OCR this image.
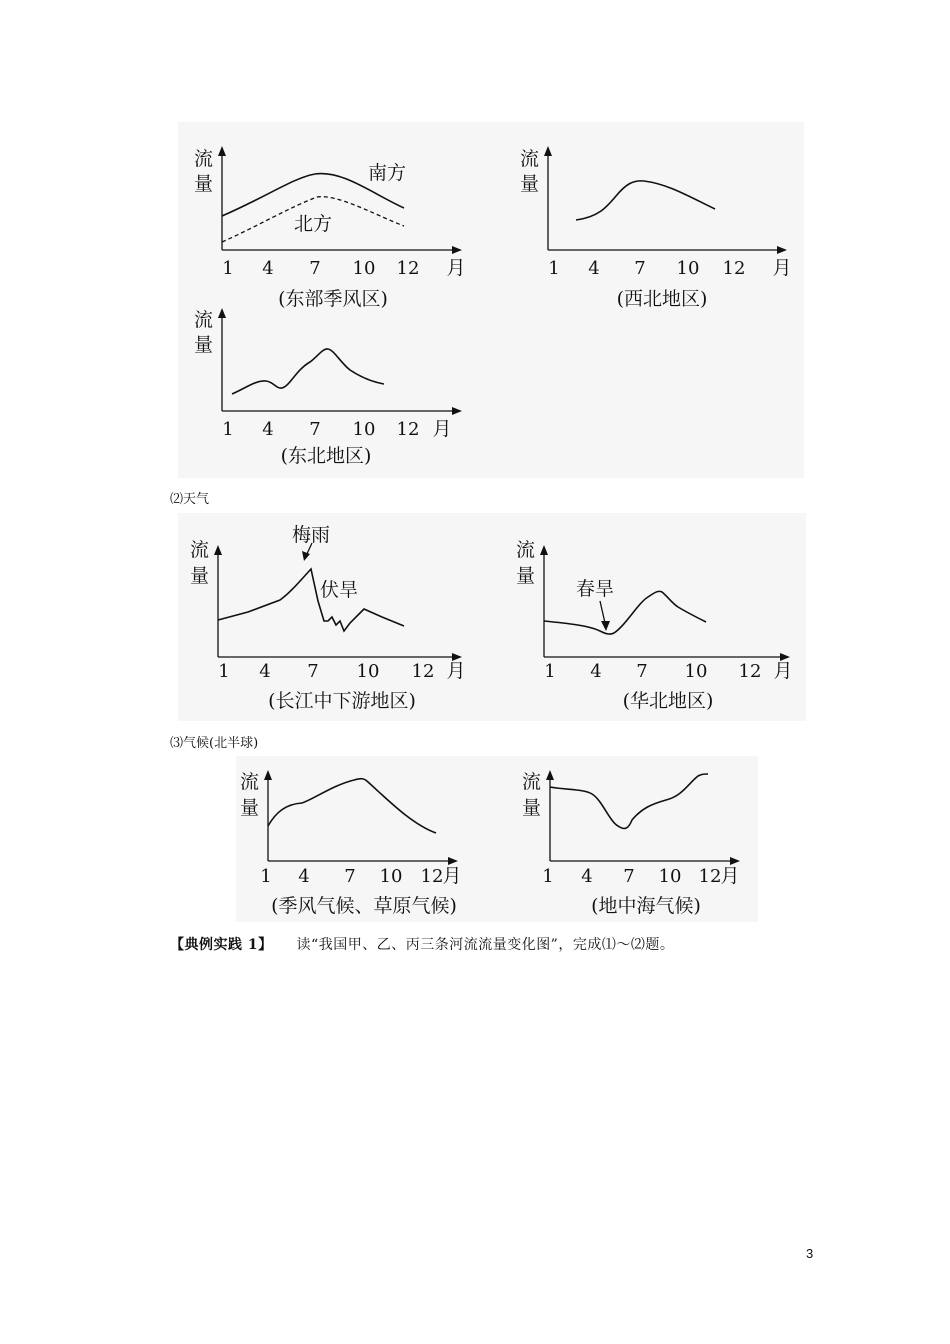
流
量	南方
北方
1 4 7 10 12 月
(东部季风区)
流
量
1 4 7 10 12 月
(西北地区)
流
量
1 4 7 10 12 月
(东北地区)
⑵天气
流
量
梅雨
伏旱
1 4 7 10 12 月
(长江中下游地区)
流
量
春旱
1 4 7 10 12 月
(华北地区)
⑶气候(北半球)
流
量
1 4 7 10 12 月
(季风气候、草原气候)
流
量
1 4 7 10 12 月
(地中海气候)
【典例实践 1】 读“我国甲、乙、丙三条河流流量变化图”，完成⑴～⑵题。
3
